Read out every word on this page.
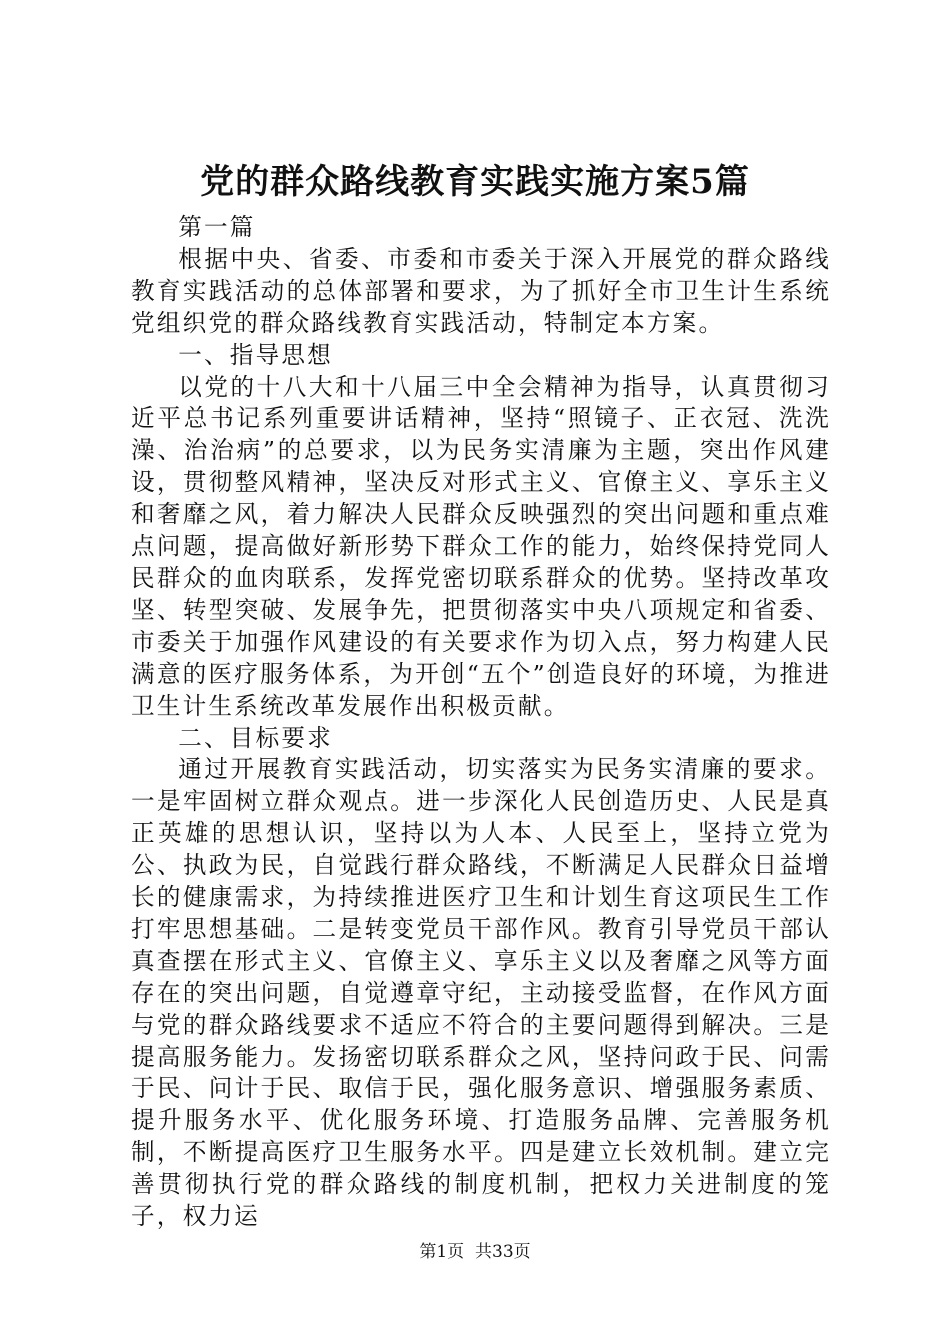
党的群众路线教育实践实施方案5篇

第一篇

根据中央、省委、市委和市委关于深入开展党的群众路线教育实践活动的总体部署和要求，为了抓好全市卫生计生系统党组织党的群众路线教育实践活动，特制定本方案。

一、指导思想

以党的十八大和十八届三中全会精神为指导，认真贯彻习近平总书记系列重要讲话精神，坚持“照镜子、正衣冠、洗洗澡、治治病”的总要求，以为民务实清廉为主题，突出作风建设，贯彻整风精神，坚决反对形式主义、官僚主义、享乐主义和奢靡之风，着力解决人民群众反映强烈的突出问题和重点难点问题，提高做好新形势下群众工作的能力，始终保持党同人民群众的血肉联系，发挥党密切联系群众的优势。坚持改革攻坚、转型突破、发展争先，把贯彻落实中央八项规定和省委、市委关于加强作风建设的有关要求作为切入点，努力构建人民满意的医疗服务体系，为开创“五个”创造良好的环境，为推进卫生计生系统改革发展作出积极贡献。

二、目标要求

通过开展教育实践活动，切实落实为民务实清廉的要求。一是牢固树立群众观点。进一步深化人民创造历史、人民是真正英雄的思想认识，坚持以为人本、人民至上，坚持立党为公、执政为民，自觉践行群众路线，不断满足人民群众日益增长的健康需求，为持续推进医疗卫生和计划生育这项民生工作打牢思想基础。二是转变党员干部作风。教育引导党员干部认真查摆在形式主义、官僚主义、享乐主义以及奢靡之风等方面存在的突出问题，自觉遵章守纪，主动接受监督，在作风方面与党的群众路线要求不适应不符合的主要问题得到解决。三是提高服务能力。发扬密切联系群众之风，坚持问政于民、问需于民、问计于民、取信于民，强化服务意识、增强服务素质、提升服务水平、优化服务环境、打造服务品牌、完善服务机制，不断提高医疗卫生服务水平。四是建立长效机制。建立完善贯彻执行党的群众路线的制度机制，把权力关进制度的笼子，权力运

第1页 共33页
